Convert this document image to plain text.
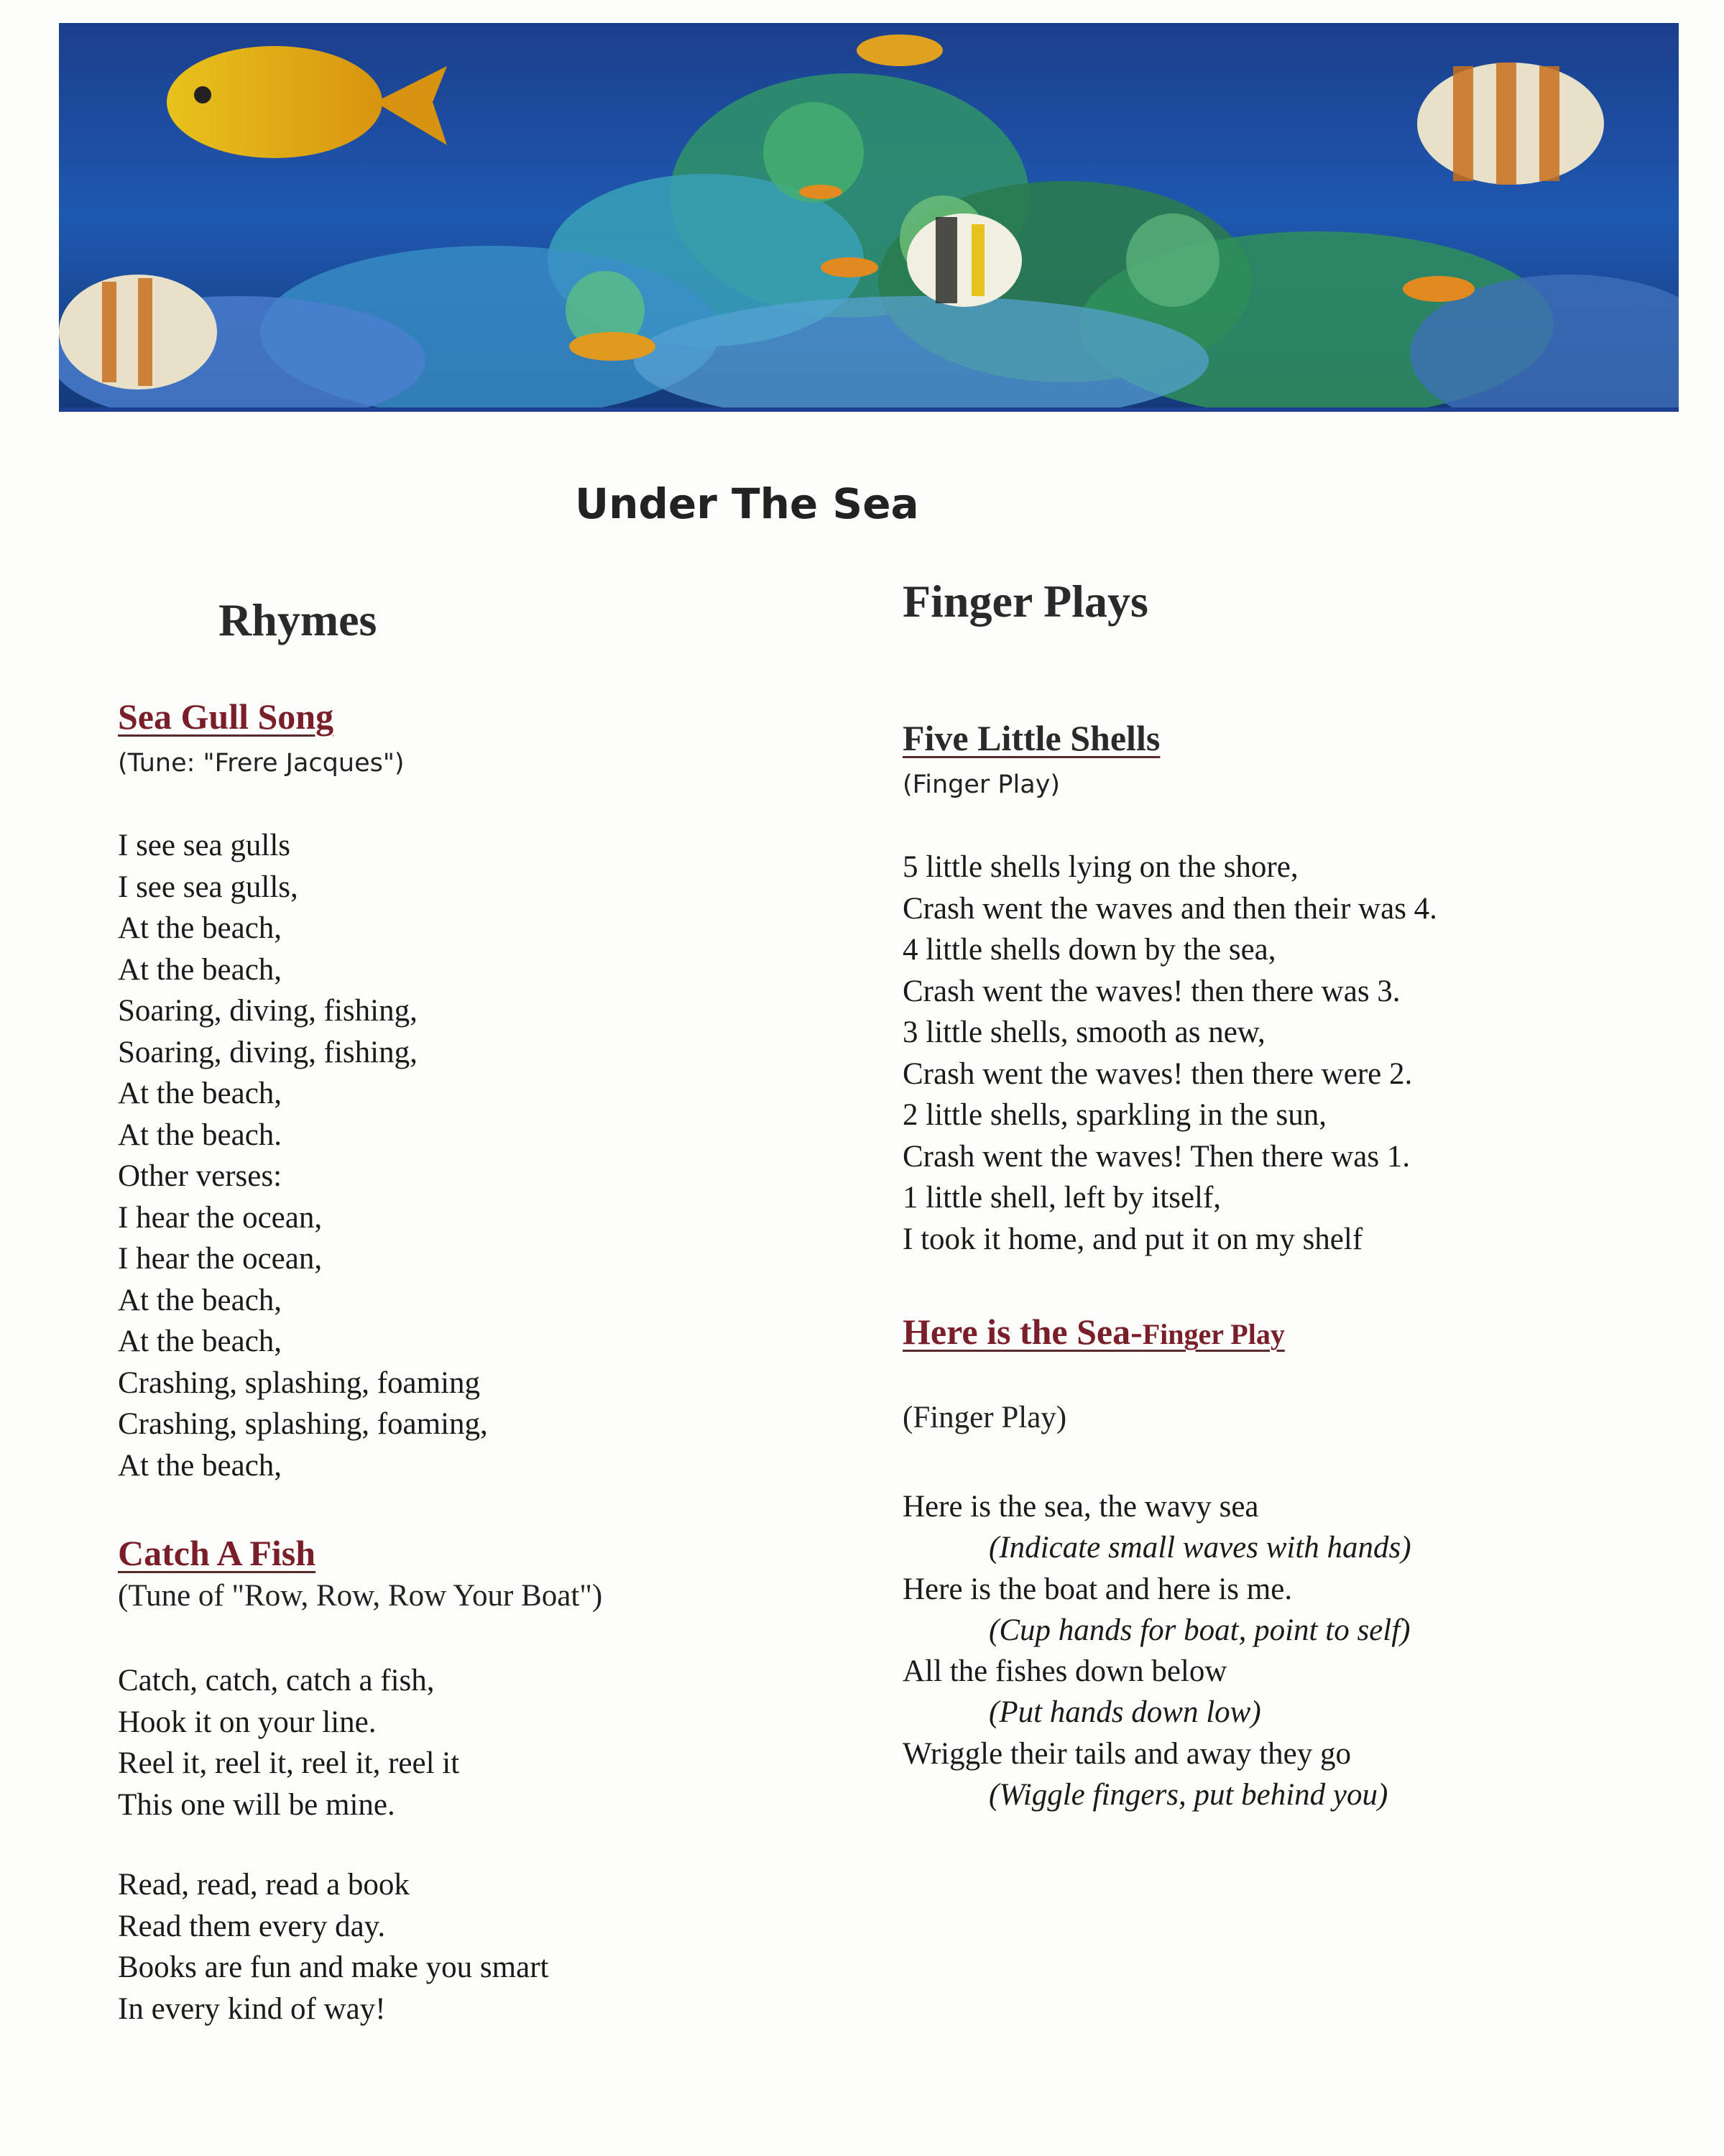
Under The Sea
Rhymes
Sea Gull Song
(Tune: "Frere Jacques")
I see sea gulls
I see sea gulls,
At the beach,
At the beach,
Soaring, diving, fishing,
Soaring, diving, fishing,
At the beach,
At the beach.
Other verses:
I hear the ocean,
I hear the ocean,
At the beach,
At the beach,
Crashing, splashing, foaming
Crashing, splashing, foaming,
At the beach,
Catch A Fish
(Tune of "Row, Row, Row Your Boat")
Catch, catch, catch a fish,
Hook it on your line.
Reel it, reel it, reel it, reel it
This one will be mine.
Read, read, read a book
Read them every day.
Books are fun and make you smart
In every kind of way!
Finger Plays
Five Little Shells
(Finger Play)
5 little shells lying on the shore,
Crash went the waves and then their was 4.
4 little shells down by the sea,
Crash went the waves! then there was 3.
3 little shells, smooth as new,
Crash went the waves! then there were 2.
2 little shells, sparkling in the sun,
Crash went the waves! Then there was 1.
1 little shell, left by itself,
I took it home, and put it on my shelf
Here is the Sea-Finger Play
(Finger Play)
Here is the sea, the wavy sea
(Indicate small waves with hands)
Here is the boat and here is me.
(Cup hands for boat, point to self)
All the fishes down below
(Put hands down low)
Wriggle their tails and away they go
(Wiggle fingers, put behind you)
